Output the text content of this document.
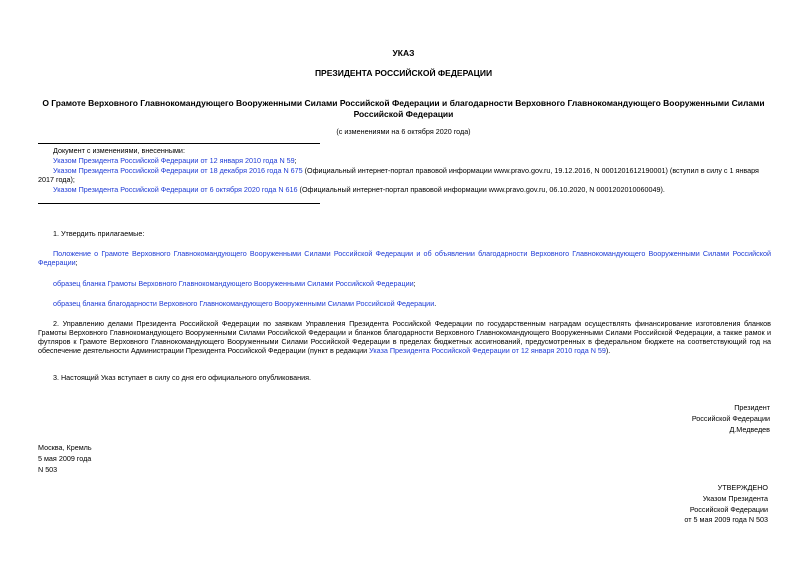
УКАЗ
ПРЕЗИДЕНТА РОССИЙСКОЙ ФЕДЕРАЦИИ
О Грамоте Верховного Главнокомандующего Вооруженными Силами Российской Федерации и благодарности Верховного Главнокомандующего Вооруженными Силами Российской Федерации
(с изменениями на 6 октября 2020 года)
Документ с изменениями, внесенными:
Указом Президента Российской Федерации от 12 января 2010 года N 59;
Указом Президента Российской Федерации от 18 декабря 2016 года N 675 (Официальный интернет-портал правовой информации www.pravo.gov.ru, 19.12.2016, N 0001201612190001) (вступил в силу с 1 января 2017 года);
Указом Президента Российской Федерации от 6 октября 2020 года N 616 (Официальный интернет-портал правовой информации www.pravo.gov.ru, 06.10.2020, N 0001202010060049).
1. Утвердить прилагаемые:
Положение о Грамоте Верховного Главнокомандующего Вооруженными Силами Российской Федерации и об объявлении благодарности Верховного Главнокомандующего Вооруженными Силами Российской Федерации;
образец бланка Грамоты Верховного Главнокомандующего Вооруженными Силами Российской Федерации;
образец бланка благодарности Верховного Главнокомандующего Вооруженными Силами Российской Федерации.
2. Управлению делами Президента Российской Федерации по заявкам Управления Президента Российской Федерации по государственным наградам осуществлять финансирование изготовления бланков Грамоты Верховного Главнокомандующего Вооруженными Силами Российской Федерации и бланков благодарности Верховного Главнокомандующего Вооруженными Силами Российской Федерации, а также рамок и футляров к Грамоте Верховного Главнокомандующего Вооруженными Силами Российской Федерации в пределах бюджетных ассигнований, предусмотренных в федеральном бюджете на соответствующий год на обеспечение деятельности Администрации Президента Российской Федерации (пункт в редакции Указа Президента Российской Федерации от 12 января 2010 года N 59).
3. Настоящий Указ вступает в силу со дня его официального опубликования.
Президент
Российской Федерации
Д.Медведев
Москва, Кремль
5 мая 2009 года
N 503
УТВЕРЖДЕНО
Указом Президента
Российской Федерации
от 5 мая 2009 года N 503
